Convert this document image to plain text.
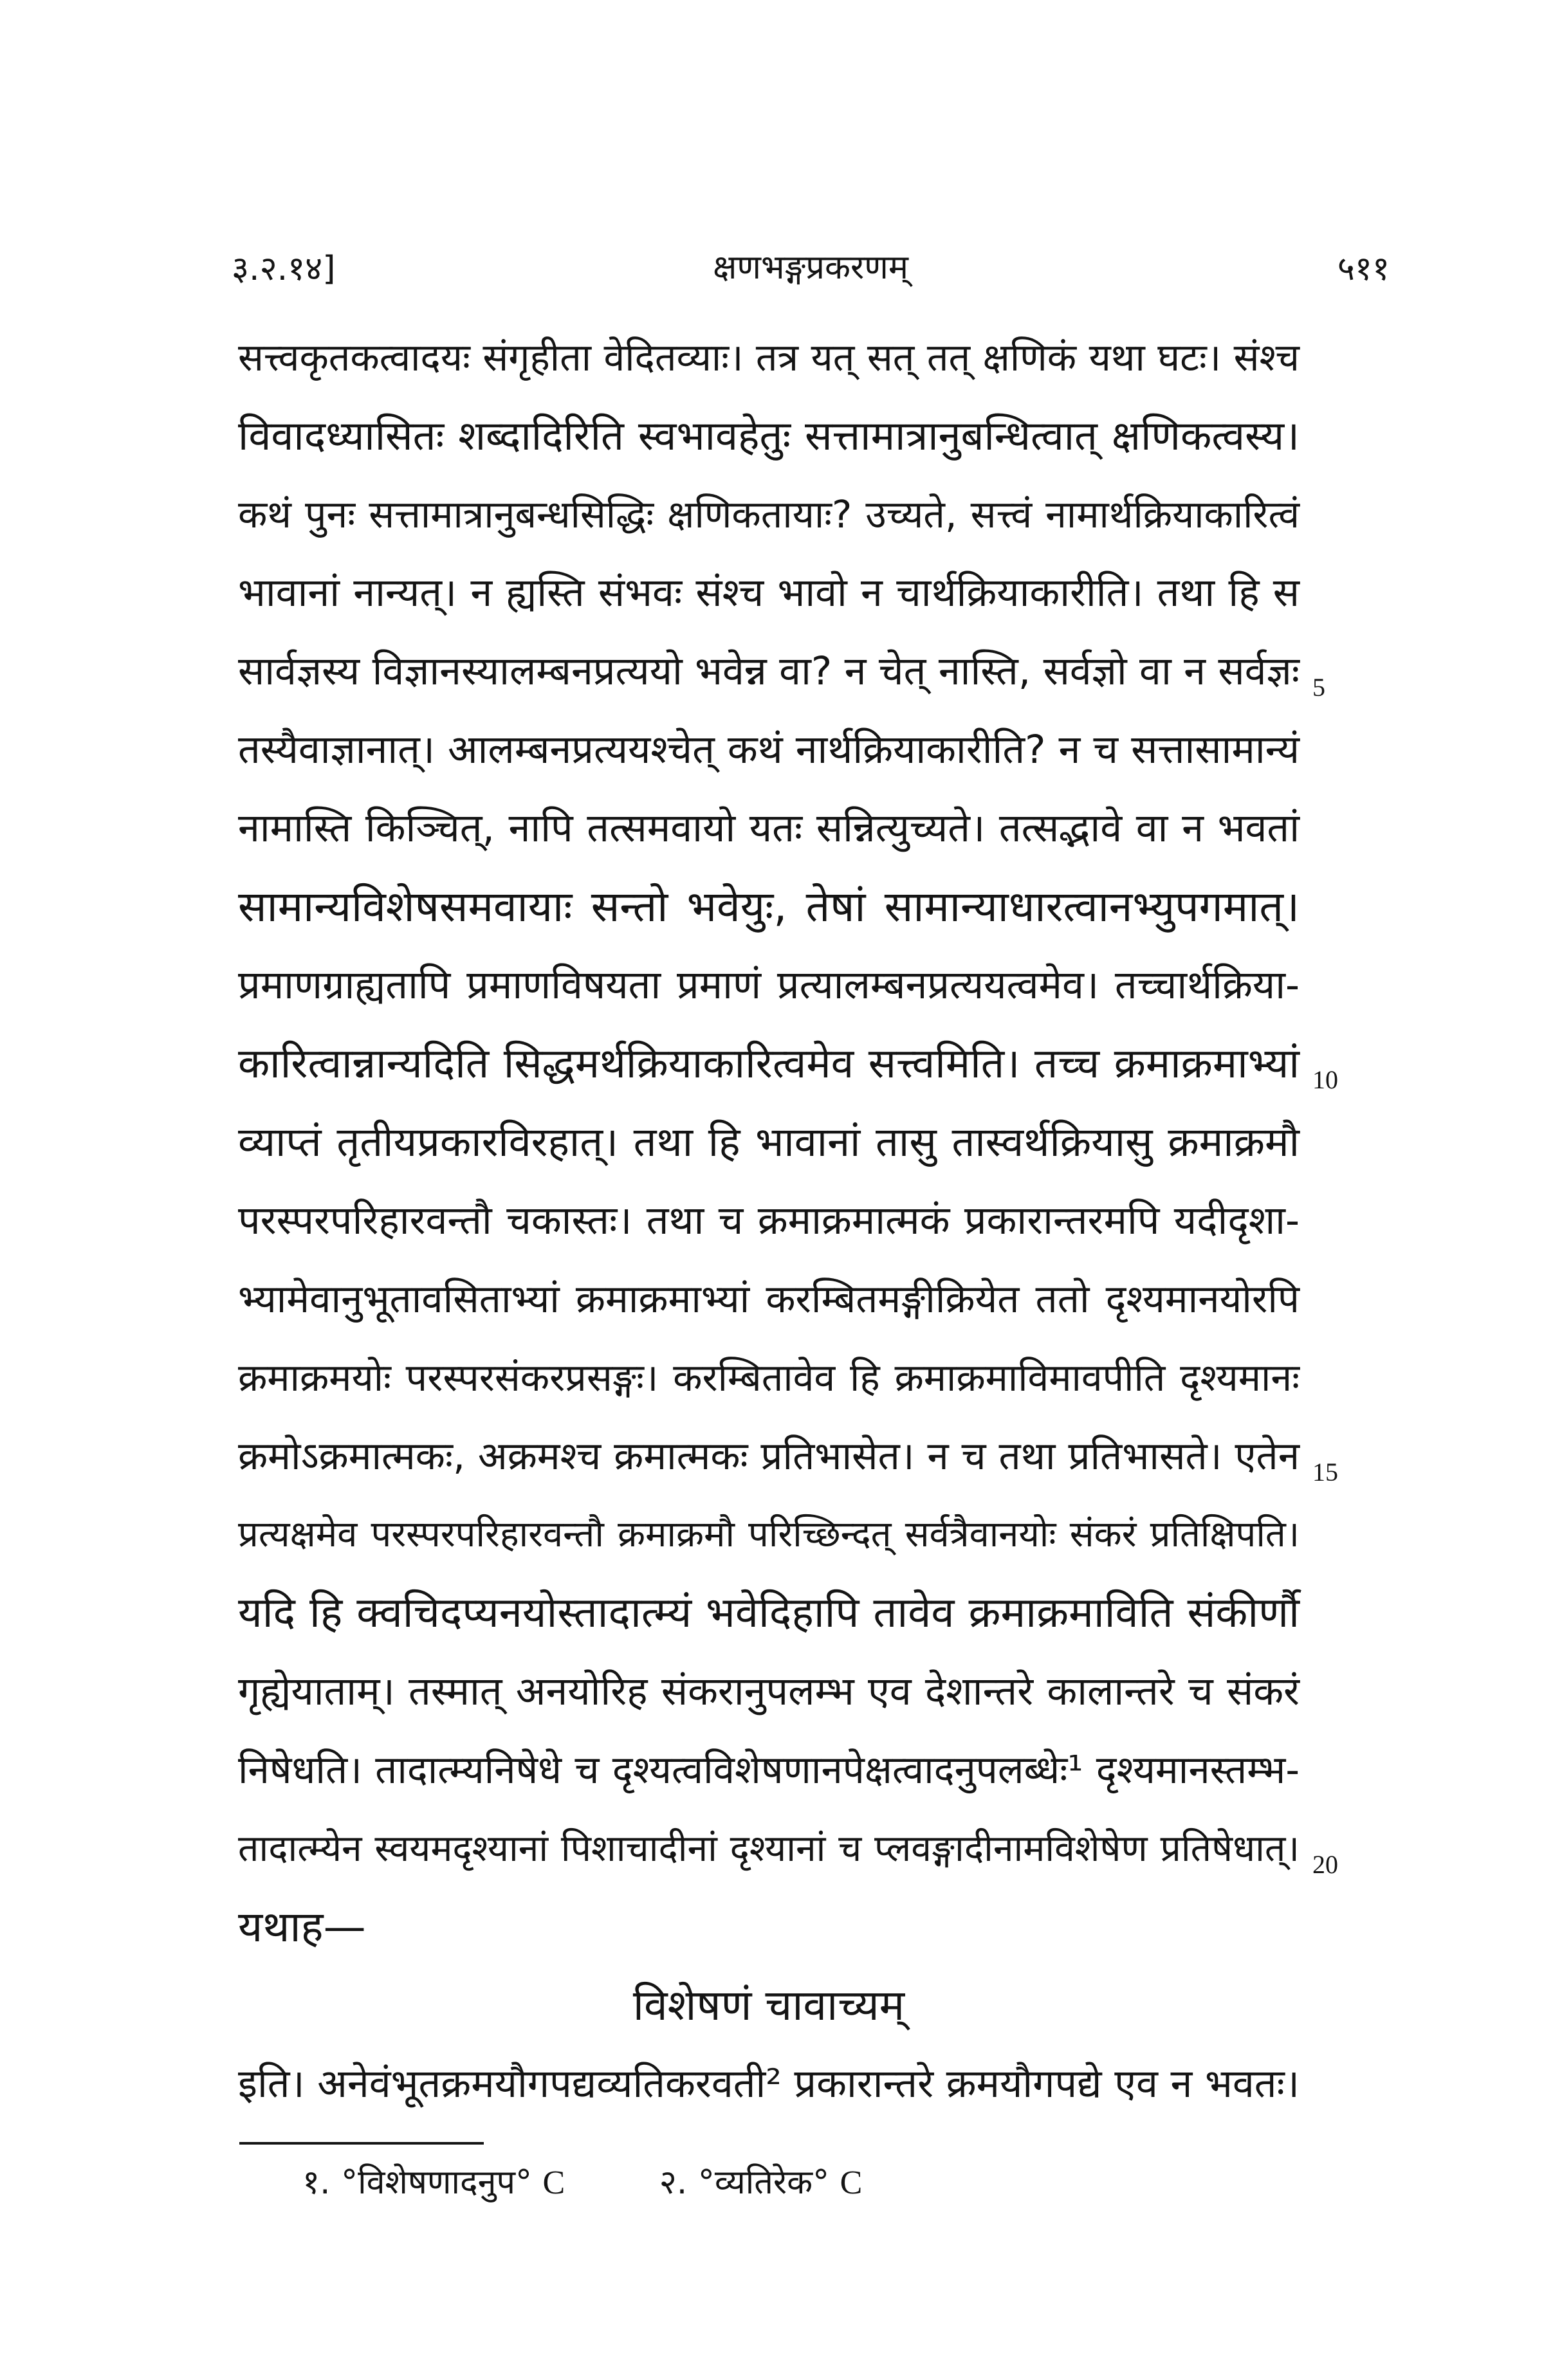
३.२.१४]	क्षणभङ्गप्रकरणम्	५११
सत्त्वकृतकत्वादयः संगृहीता वेदितव्याः। तत्र यत् सत् तत् क्षणिकं यथा घटः। संश्च
विवादध्यासितः शब्दादिरिति स्वभावहेतुः सत्तामात्रानुबन्धित्वात् क्षणिकत्वस्य।
कथं पुनः सत्तामात्रानुबन्धसिद्धिः क्षणिकतायाः? उच्यते, सत्त्वं नामार्थक्रियाकारित्वं
भावानां नान्यत्। न ह्यस्ति संभवः संश्च भावो न चार्थक्रियाकारीति। तथा हि स
सार्वज्ञस्य विज्ञानस्यालम्बनप्रत्ययो भवेन्न वा? न चेत् नास्ति, सर्वज्ञो वा न सर्वज्ञः
तस्यैवाज्ञानात्। आलम्बनप्रत्ययश्चेत् कथं नार्थक्रियाकारीति? न च सत्तासामान्यं
नामास्ति किञ्चित्, नापि तत्समवायो यतः सन्नित्युच्यते। तत्सद्भावे वा न भवतां
सामान्यविशेषसमवायाः सन्तो भवेयुः, तेषां सामान्याधारत्वानभ्युपगमात्।
प्रमाणग्राह्यतापि प्रमाणविषयता प्रमाणं प्रत्यालम्बनप्रत्ययत्वमेव। तच्चार्थक्रिया-
कारित्वान्नान्यदिति सिद्धमर्थक्रियाकारित्वमेव सत्त्वमिति। तच्च क्रमाक्रमाभ्यां
व्याप्तं तृतीयप्रकारविरहात्। तथा हि भावानां तासु तास्वर्थक्रियासु क्रमाक्रमौ
परस्परपरिहारवन्तौ चकास्तः। तथा च क्रमाक्रमात्मकं प्रकारान्तरमपि यदीदृशा-
भ्यामेवानुभूतावसिताभ्यां क्रमाक्रमाभ्यां करम्बितमङ्गीक्रियेत ततो दृश्यमानयोरपि
क्रमाक्रमयोः परस्परसंकरप्रसङ्गः। करम्बितावेव हि क्रमाक्रमाविमावपीति दृश्यमानः
क्रमोऽक्रमात्मकः, अक्रमश्च क्रमात्मकः प्रतिभासेत। न च तथा प्रतिभासते। एतेन
प्रत्यक्षमेव परस्परपरिहारवन्तौ क्रमाक्रमौ परिच्छिन्दत् सर्वत्रैवानयोः संकरं प्रतिक्षिपति।
यदि हि क्वचिदप्यनयोस्तादात्म्यं भवेदिहापि तावेव क्रमाक्रमाविति संकीर्णौ
गृह्येयाताम्। तस्मात् अनयोरिह संकरानुपलम्भ एव देशान्तरे कालान्तरे च संकरं
निषेधति। तादात्म्यनिषेधे च दृश्यत्वविशेषणानपेक्षत्वादनुपलब्धेः¹ दृश्यमानस्तम्भ-
तादात्म्येन स्वयमदृश्यानां पिशाचादीनां दृश्यानां च प्लवङ्गादीनामविशेषेण प्रतिषेधात्।
यथाह—
विशेषणं चावाच्यम्
इति। अनेवंभूतक्रमयौगपद्यव्यतिकरवती² प्रकारान्तरे क्रमयौगपद्ये एव न भवतः।
5
10
15
20
१. °विशेषणादनुप° C	२. °व्यतिरेक° C
